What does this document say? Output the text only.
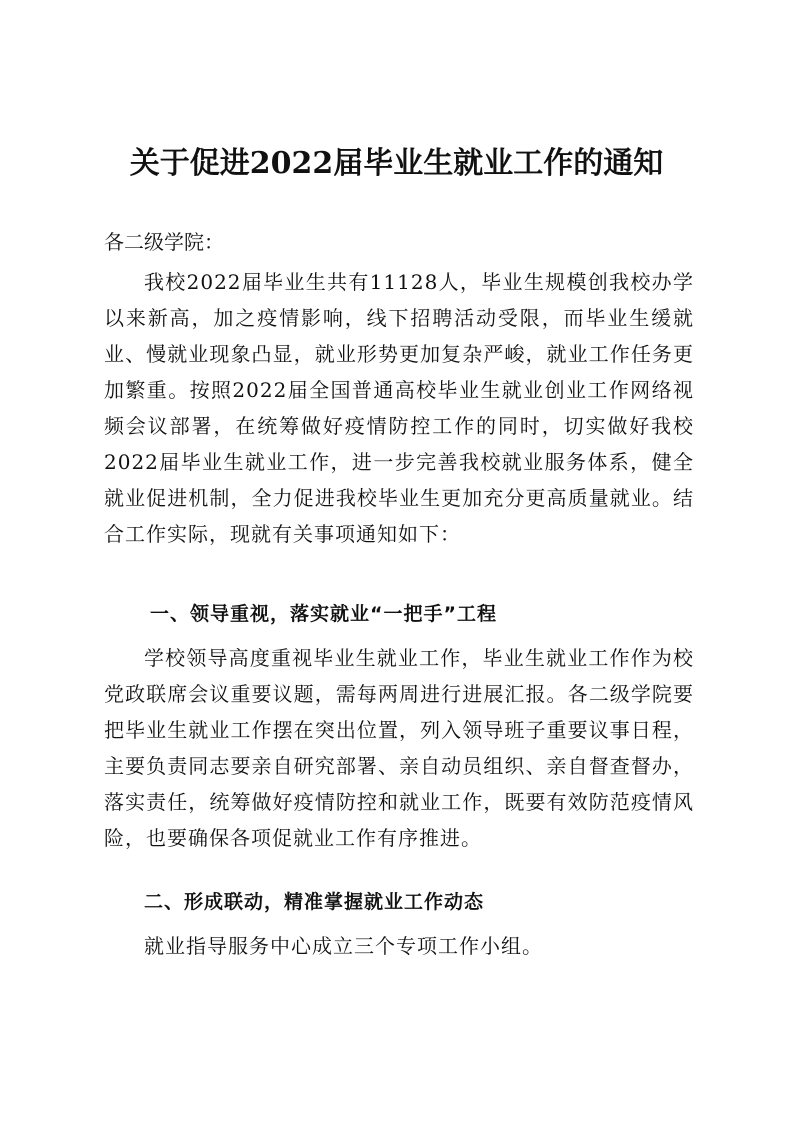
关于促进2022届毕业生就业工作的通知
各二级学院：
我校2022届毕业生共有11128人，毕业生规模创我校办学以来新高，加之疫情影响，线下招聘活动受限，而毕业生缓就业、慢就业现象凸显，就业形势更加复杂严峻，就业工作任务更加繁重。按照2022届全国普通高校毕业生就业创业工作网络视频会议部署，在统筹做好疫情防控工作的同时，切实做好我校2022届毕业生就业工作，进一步完善我校就业服务体系，健全就业促进机制，全力促进我校毕业生更加充分更高质量就业。结合工作实际，现就有关事项通知如下：
一、领导重视，落实就业“一把手”工程
学校领导高度重视毕业生就业工作，毕业生就业工作作为校党政联席会议重要议题，需每两周进行进展汇报。各二级学院要把毕业生就业工作摆在突出位置，列入领导班子重要议事日程，主要负责同志要亲自研究部署、亲自动员组织、亲自督查督办，落实责任，统筹做好疫情防控和就业工作，既要有效防范疫情风险，也要确保各项促就业工作有序推进。
二、形成联动，精准掌握就业工作动态
就业指导服务中心成立三个专项工作小组。
